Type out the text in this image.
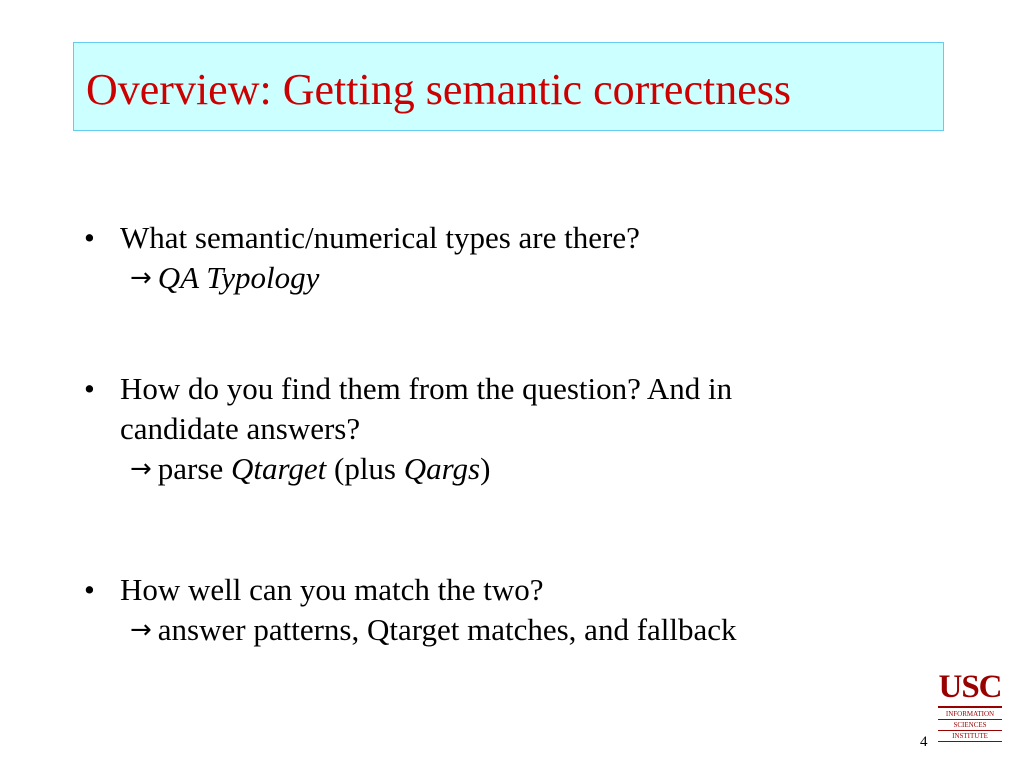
Overview: Getting semantic correctness
• What semantic/numerical types are there?
→ QA Typology
• How do you find them from the question? And in
candidate answers?
→ parse Qtarget (plus Qargs)
• How well can you match the two?
→ answer patterns, Qtarget matches, and fallback
USC
INFORMATION
SCIENCES
INSTITUTE
4
